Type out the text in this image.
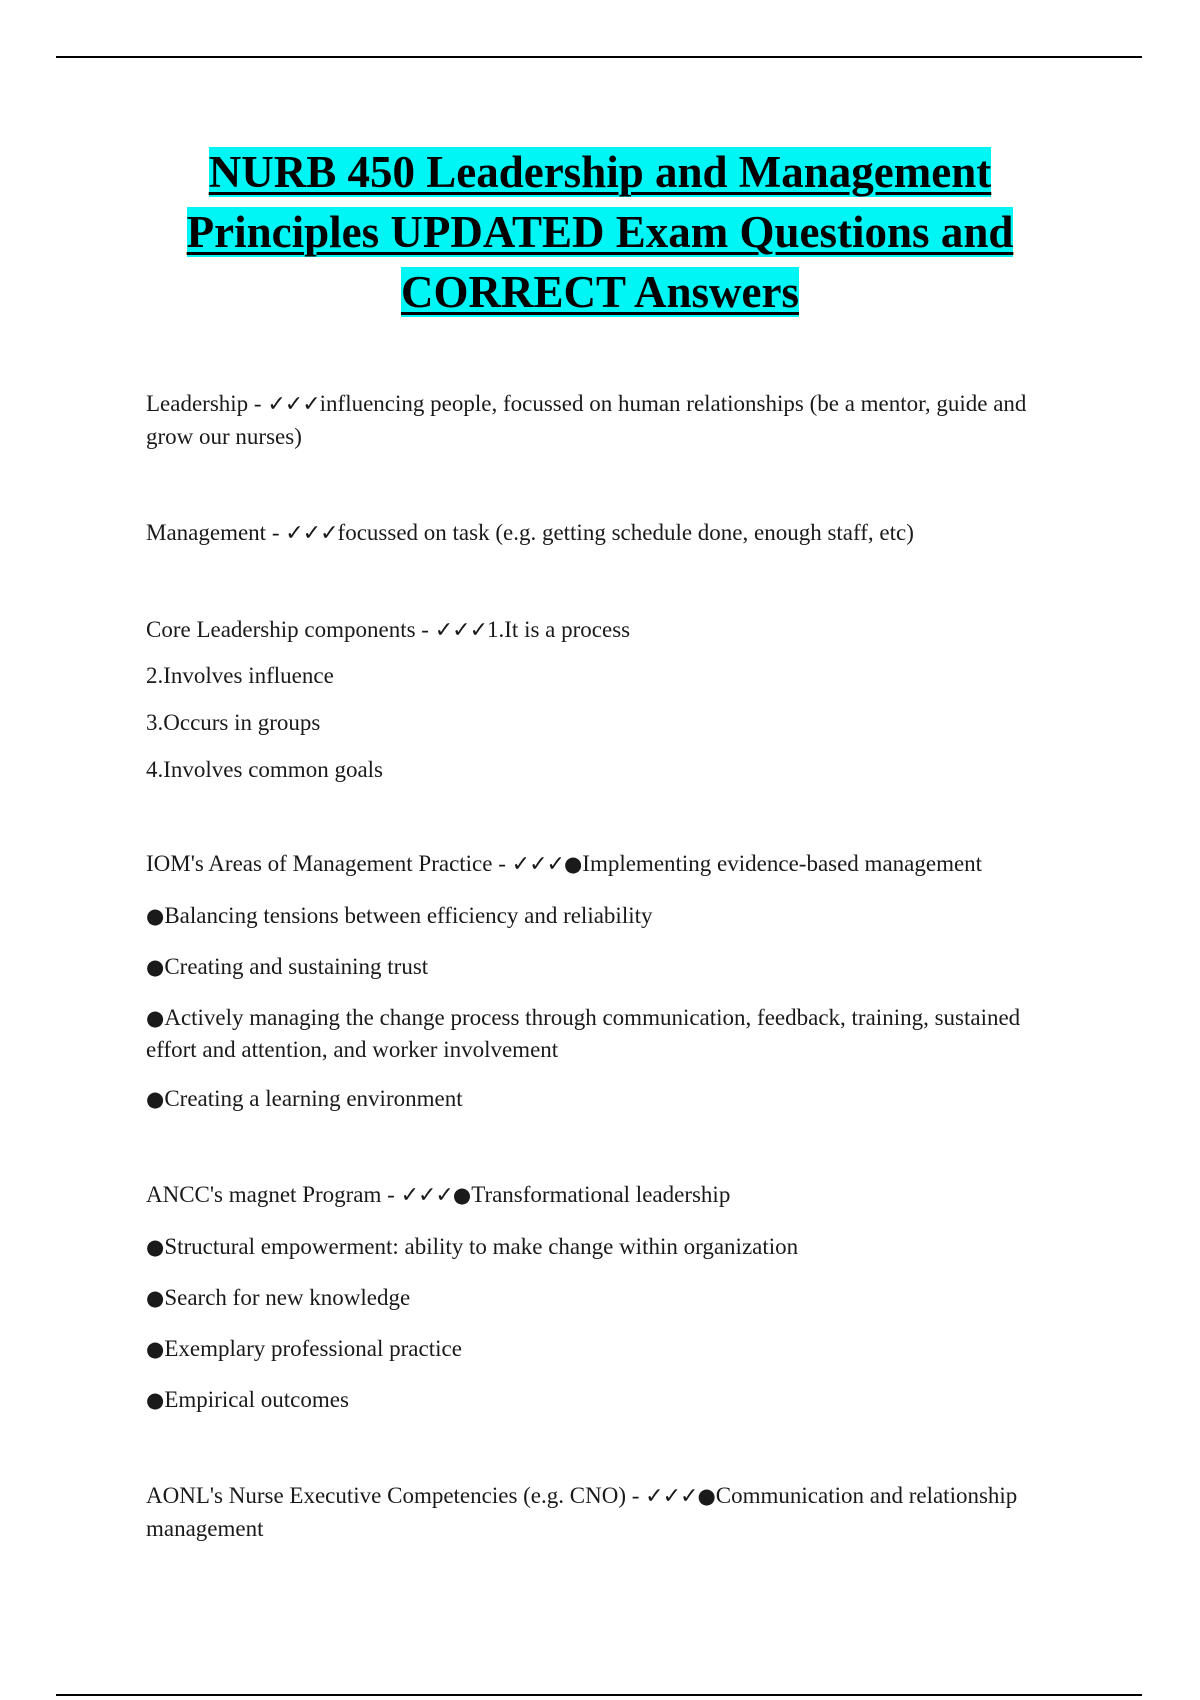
NURB 450 Leadership and Management
Principles UPDATED Exam Questions and
CORRECT Answers

Leadership - ✓✓✓influencing people, focussed on human relationships (be a mentor, guide and grow our nurses)

Management - ✓✓✓focussed on task (e.g. getting schedule done, enough staff, etc)

Core Leadership components - ✓✓✓1.It is a process

2.Involves influence

3.Occurs in groups

4.Involves common goals

IOM's Areas of Management Practice - ✓✓✓●Implementing evidence-based management

●Balancing tensions between efficiency and reliability

●Creating and sustaining trust

●Actively managing the change process through communication, feedback, training, sustained effort and attention, and worker involvement

●Creating a learning environment

ANCC's magnet Program - ✓✓✓●Transformational leadership

●Structural empowerment: ability to make change within organization

●Search for new knowledge

●Exemplary professional practice

●Empirical outcomes

AONL's Nurse Executive Competencies (e.g. CNO) - ✓✓✓●Communication and relationship management
